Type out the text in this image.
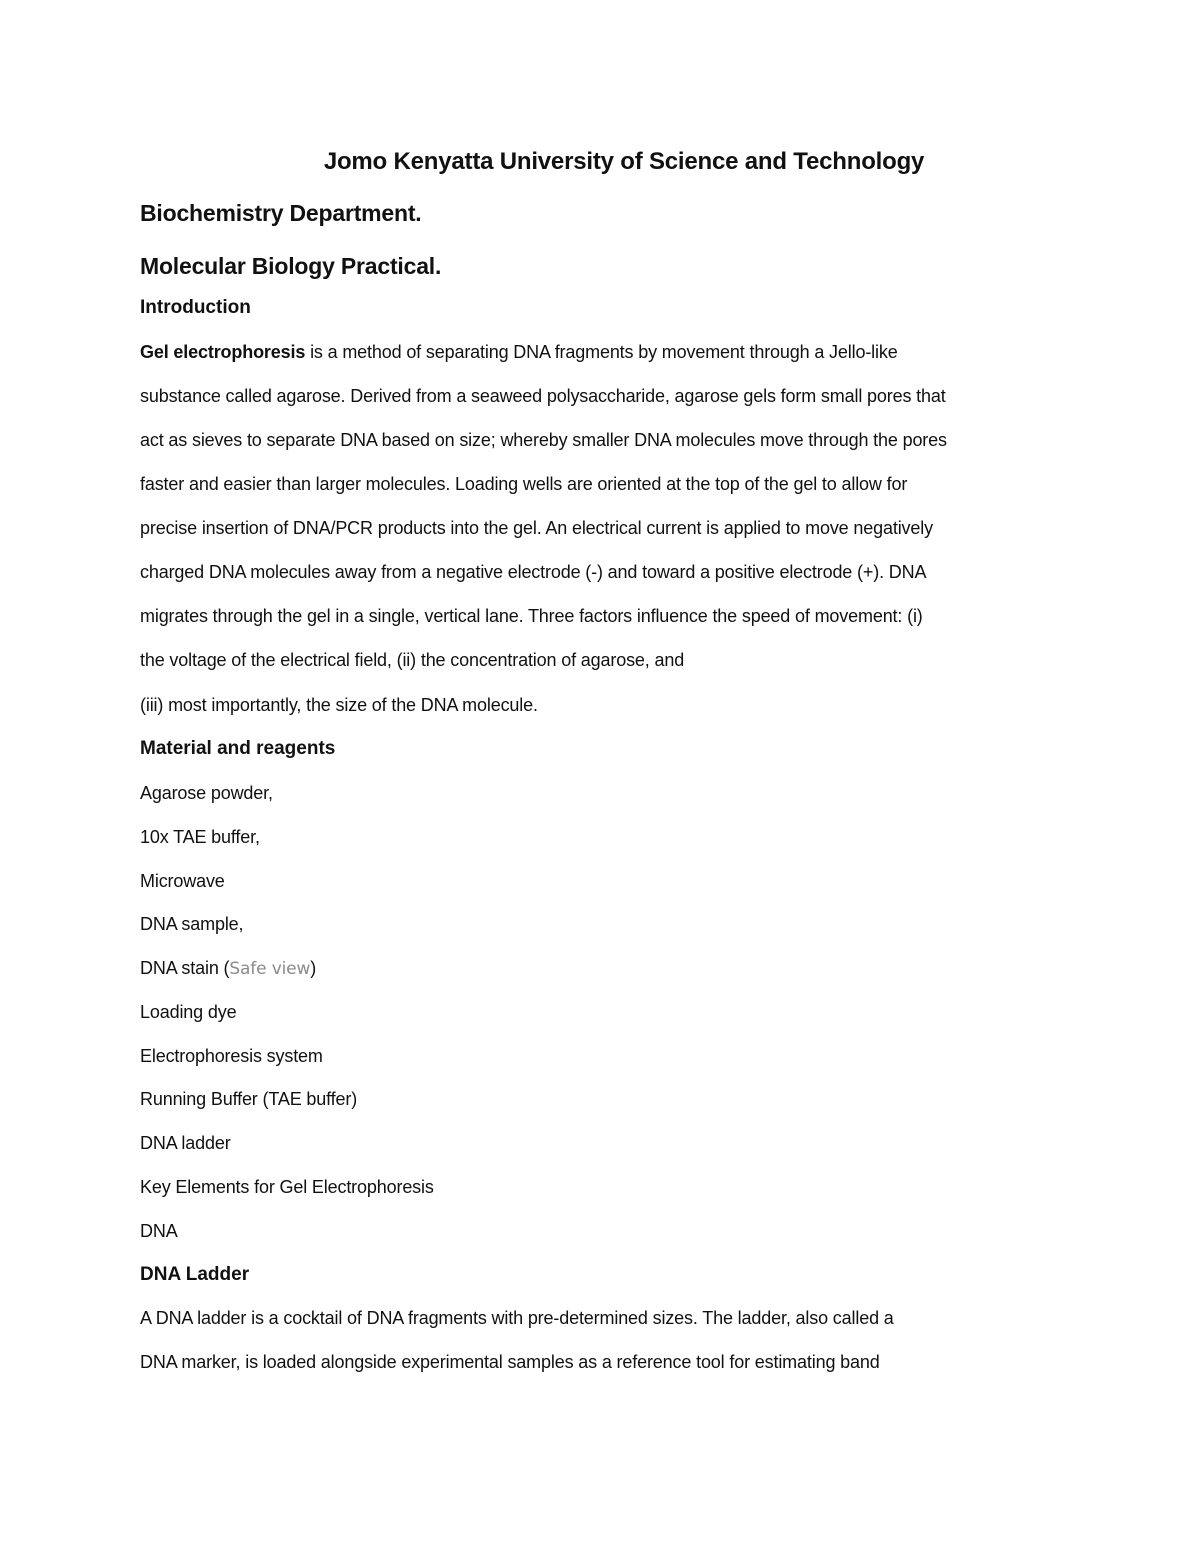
Jomo Kenyatta University of Science and Technology
Biochemistry Department.
Molecular Biology Practical.
Introduction

Gel electrophoresis is a method of separating DNA fragments by movement through a Jello-like

substance called agarose. Derived from a seaweed polysaccharide, agarose gels form small pores that

act as sieves to separate DNA based on size; whereby smaller DNA molecules move through the pores

faster and easier than larger molecules. Loading wells are oriented at the top of the gel to allow for

precise insertion of DNA/PCR products into the gel. An electrical current is applied to move negatively

charged DNA molecules away from a negative electrode (-) and toward a positive electrode (+). DNA

migrates through the gel in a single, vertical lane. Three factors influence the speed of movement: (i)

the voltage of the electrical field, (ii) the concentration of agarose, and

(iii) most importantly, the size of the DNA molecule.

Material and reagents

Agarose powder,

10x TAE buffer,

Microwave

DNA sample,

DNA stain (Safe view)

Loading dye

Electrophoresis system

Running Buffer (TAE buffer)

DNA ladder

Key Elements for Gel Electrophoresis

DNA

DNA Ladder

A DNA ladder is a cocktail of DNA fragments with pre-determined sizes. The ladder, also called a

DNA marker, is loaded alongside experimental samples as a reference tool for estimating band
